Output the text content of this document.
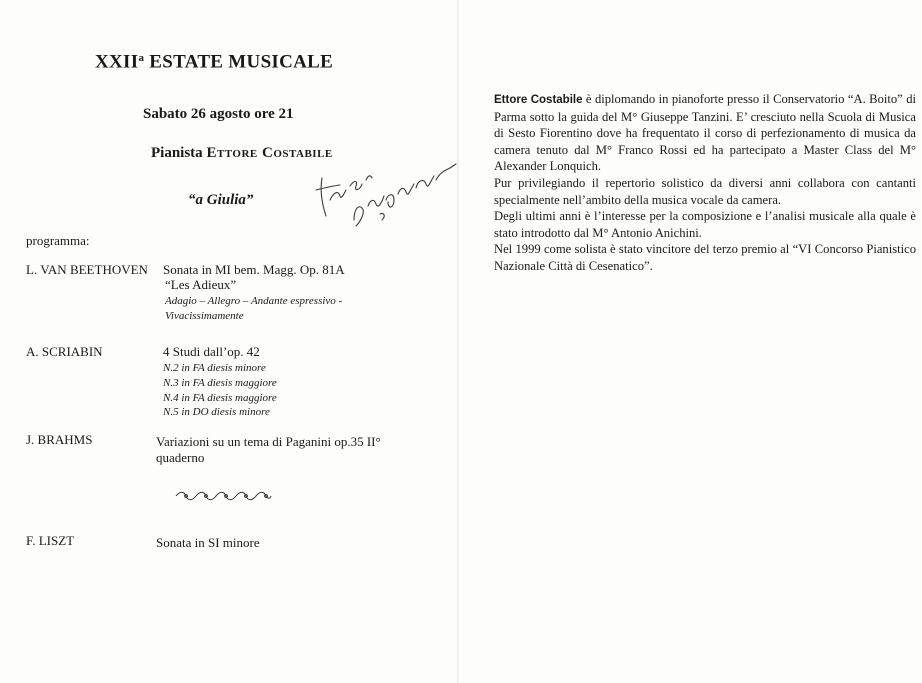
XXII$^a$ ESTATE MUSICALE
Sabato 26 agosto ore 21
Pianista Ettore Costabile
“a Giulia”
programma:
L. VAN BEETHOVEN Sonata in MI bem. Magg. Op. 81A
“Les Adieux”
Adagio – Allegro – Andante espressivo -
Vivacissimamente
A. SCRIABIN	4 Studi dall’op. 42
N.2 in FA diesis minore
N.3 in FA diesis maggiore
N.4 in FA diesis maggiore
N.5 in DO diesis minore
J. BRAHMS	Variazioni su un tema di Paganini op.35 II°
quaderno
F. LISZT	Sonata in SI minore

Ettore Costabile è diplomando in pianoforte presso il Conservatorio “A. Boito” di Parma sotto la guida del M° Giuseppe Tanzini. E’ cresciuto nella Scuola di Musica di Sesto Fiorentino dove ha frequentato il corso di perfezionamento di musica da camera tenuto dal M° Franco Rossi ed ha partecipato a Master Class del M° Alexander Lonquich.

Pur privilegiando il repertorio solistico da diversi anni collabora con cantanti specialmente nell’ambito della musica vocale da camera.

Degli ultimi anni è l’interesse per la composizione e l’analisi musicale alla quale è stato introdotto dal M° Antonio Anichini.

Nel 1999 come solista è stato vincitore del terzo premio al “VI Concorso Pianistico Nazionale Città di Cesenatico”.
